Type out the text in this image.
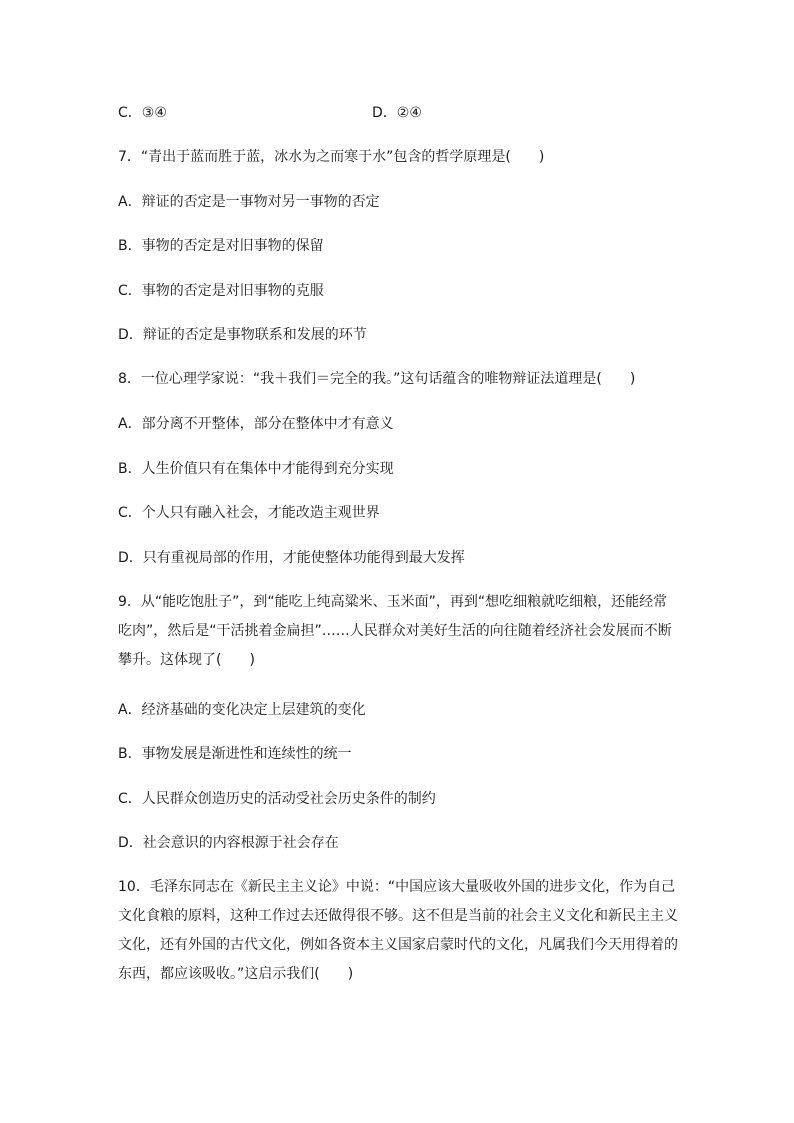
C．③④	D．②④
7．“青出于蓝而胜于蓝，冰水为之而寒于水”包含的哲学原理是(　　)
A．辩证的否定是一事物对另一事物的否定
B．事物的否定是对旧事物的保留
C．事物的否定是对旧事物的克服
D．辩证的否定是事物联系和发展的环节
8．一位心理学家说：“我＋我们＝完全的我。”这句话蕴含的唯物辩证法道理是(　　)
A．部分离不开整体，部分在整体中才有意义
B．人生价值只有在集体中才能得到充分实现
C．个人只有融入社会，才能改造主观世界
D．只有重视局部的作用，才能使整体功能得到最大发挥
9．从“能吃饱肚子”，到“能吃上纯高粱米、玉米面”，再到“想吃细粮就吃细粮，还能经常吃肉”，然后是“干活挑着金扁担”……人民群众对美好生活的向往随着经济社会发展而不断攀升。这体现了(　　)
A．经济基础的变化决定上层建筑的变化
B．事物发展是渐进性和连续性的统一
C．人民群众创造历史的活动受社会历史条件的制约
D．社会意识的内容根源于社会存在
10．毛泽东同志在《新民主主义论》中说：“中国应该大量吸收外国的进步文化，作为自己文化食粮的原料，这种工作过去还做得很不够。这不但是当前的社会主义文化和新民主主义文化，还有外国的古代文化，例如各资本主义国家启蒙时代的文化，凡属我们今天用得着的东西，都应该吸收。”这启示我们(　　)
